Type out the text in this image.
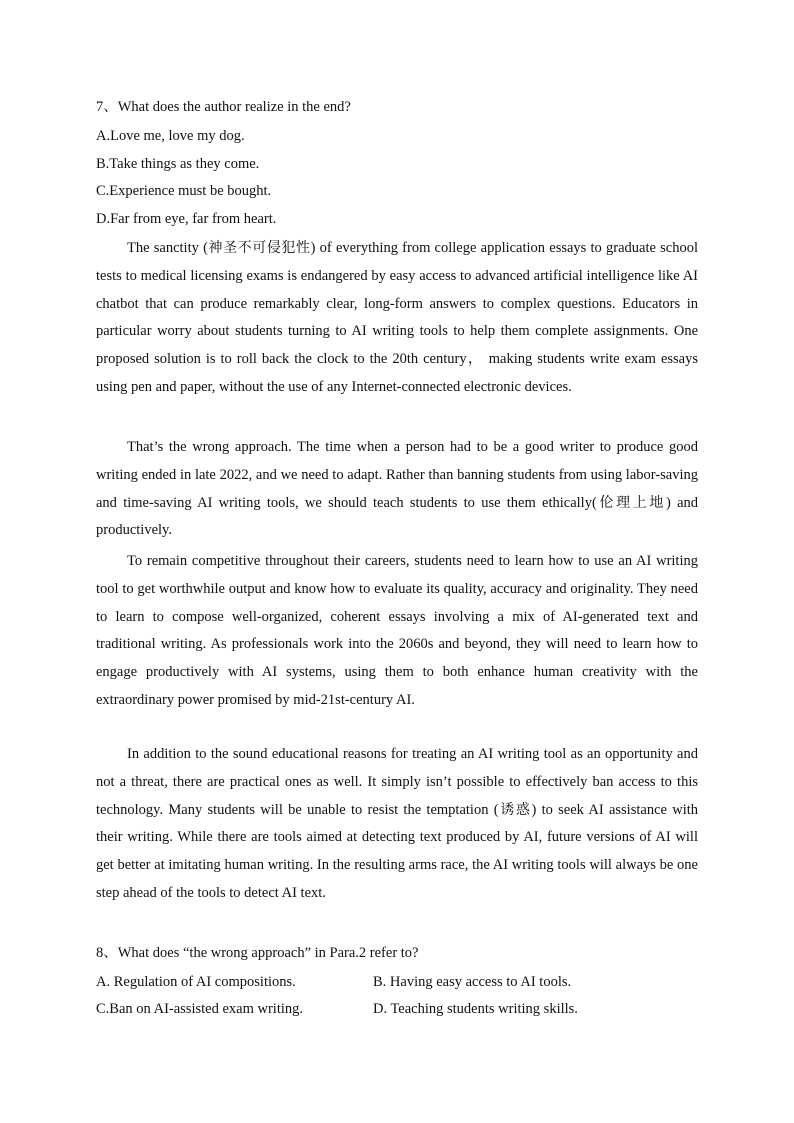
7、What does the author realize in the end?
A.Love me, love my dog.
B.Take things as they come.
C.Experience must be bought.
D.Far from eye, far from heart.

The sanctity (神圣不可侵犯性) of everything from college application essays to graduate school tests to medical licensing exams is endangered by easy access to advanced artificial intelligence like AI chatbot that can produce remarkably clear, long-form answers to complex questions. Educators in particular worry about students turning to AI writing tools to help them complete assignments. One proposed solution is to roll back the clock to the 20th century， making students write exam essays using pen and paper, without the use of any Internet-connected electronic devices.

That’s the wrong approach. The time when a person had to be a good writer to produce good writing ended in late 2022, and we need to adapt. Rather than banning students from using labor-saving and time-saving AI writing tools, we should teach students to use them ethically(伦理上地) and productively.

To remain competitive throughout their careers, students need to learn how to use an AI writing tool to get worthwhile output and know how to evaluate its quality, accuracy and originality. They need to learn to compose well-organized, coherent essays involving a mix of AI-generated text and traditional writing. As professionals work into the 2060s and beyond, they will need to learn how to engage productively with AI systems, using them to both enhance human creativity with the extraordinary power promised by mid-21st-century AI.

In addition to the sound educational reasons for treating an AI writing tool as an opportunity and not a threat, there are practical ones as well. It simply isn’t possible to effectively ban access to this technology. Many students will be unable to resist the temptation (诱惑) to seek AI assistance with their writing. While there are tools aimed at detecting text produced by AI, future versions of AI will get better at imitating human writing. In the resulting arms race, the AI writing tools will always be one step ahead of the tools to detect AI text.

8、What does “the wrong approach” in Para.2 refer to?
A. Regulation of AI compositions.	B. Having easy access to AI tools.
C.Ban on AI-assisted exam writing.	D. Teaching students writing skills.
